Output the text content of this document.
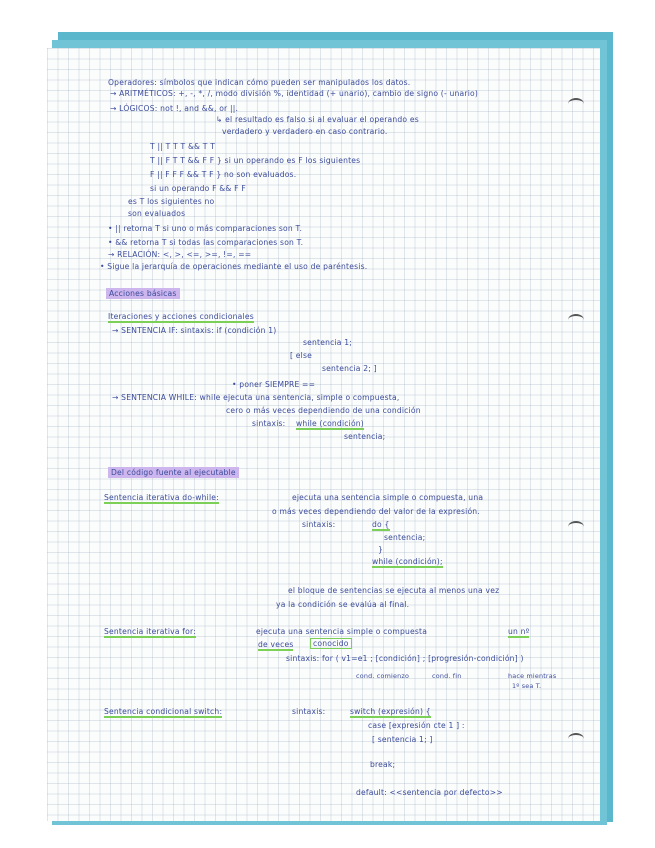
Operadores: símbolos que indican cómo pueden ser manipulados los datos.
→ ARITMÉTICOS: +, -, *, /, modo división %, identidad (+ unario), cambio de signo (- unario)
→ LÓGICOS: not !, and &&, or ||.
↳ el resultado es falso si al evaluar el operando es
verdadero y verdadero en caso contrario.
T || T T T && T T
T || F T T && F F } si un operando es F los siguientes
F || F F F && T F } no son evaluados.
si un operando F && F F
es T los siguientes no
son evaluados
• || retorna T si uno o más comparaciones son T.
• && retorna T si todas las comparaciones son T.
→ RELACIÓN: <, >, <=, >=, !=, ==
• Sigue la jerarquía de operaciones mediante el uso de paréntesis.
Acciones básicas
Iteraciones y acciones condicionales
→ SENTENCIA IF: sintaxis: if (condición 1)
sentencia 1;
[ else
sentencia 2; ]
• poner SIEMPRE ==
→ SENTENCIA WHILE: while ejecuta una sentencia, simple o compuesta,
cero o más veces dependiendo de una condición
sintaxis: while (condición)
sentencia;
Del código fuente al ejecutable
Sentencia iterativa do-while:	ejecuta una sentencia simple o compuesta, una
o más veces dependiendo del valor de la expresión.
sintaxis:	do {
sentencia;
}
while (condición);
el bloque de sentencias se ejecuta al menos una vez
ya la condición se evalúa al final.
Sentencia iterativa for:	ejecuta una sentencia simple o compuesta	un nº
de veces	conocido
sintaxis: for ( v1=e1 ; [condición] ; [progresión-condición] )
cond. comienzo	cond. fin	hace mientras
1º sea T.
Sentencia condicional switch:	sintaxis:	switch (expresión) {
case [expresión cte 1 ] :
[ sentencia 1; ]
break;
default: <<sentencia por defecto>>
